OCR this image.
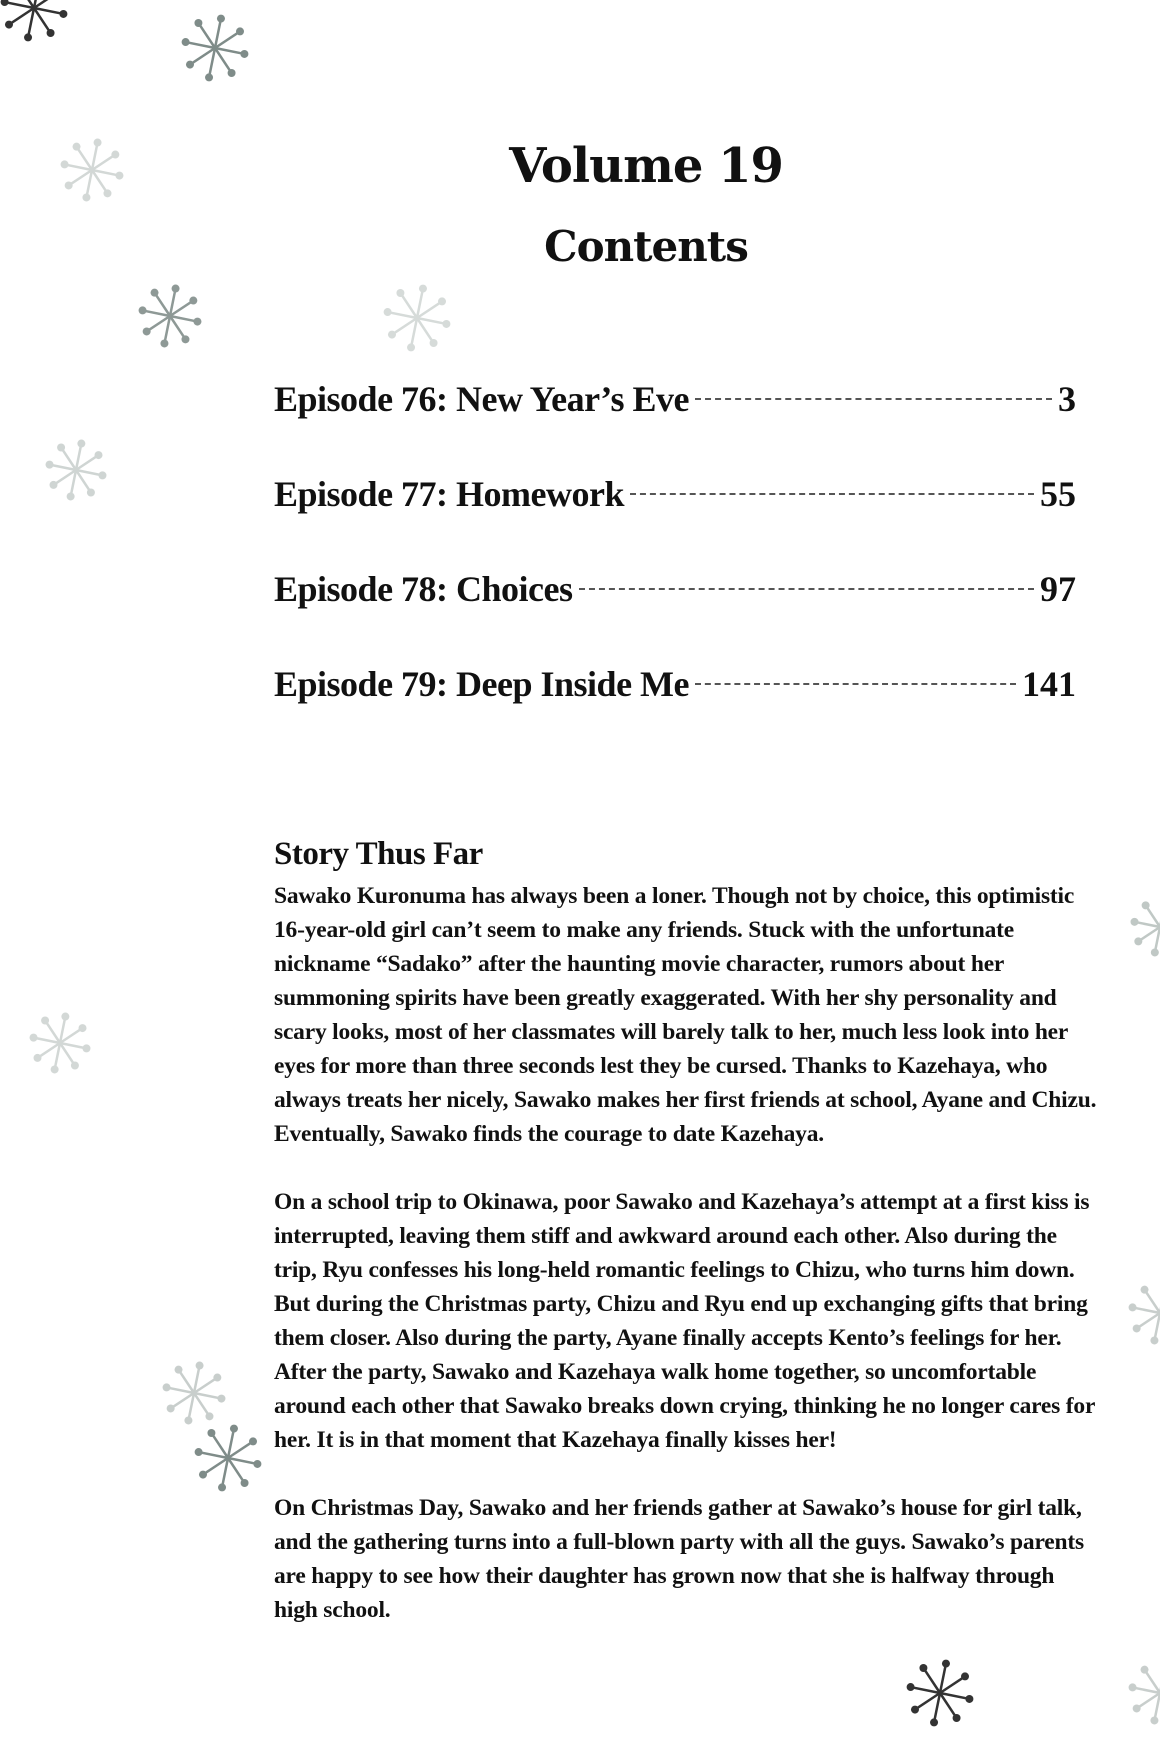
Volume 19
Contents
Episode 76: New Year’s Eve	3
Episode 77: Homework	55
Episode 78: Choices	97
Episode 79: Deep Inside Me	141
Story Thus Far

Sawako Kuronuma has always been a loner. Though not by choice, this optimistic 16-year-old girl can’t seem to make any friends. Stuck with the unfortunate nickname “Sadako” after the haunting movie character, rumors about her summoning spirits have been greatly exaggerated. With her shy personality and scary looks, most of her classmates will barely talk to her, much less look into her eyes for more than three seconds lest they be cursed. Thanks to Kazehaya, who always treats her nicely, Sawako makes her first friends at school, Ayane and Chizu. Eventually, Sawako finds the courage to date Kazehaya.

On a school trip to Okinawa, poor Sawako and Kazehaya’s attempt at a first kiss is interrupted, leaving them stiff and awkward around each other. Also during the trip, Ryu confesses his long-held romantic feelings to Chizu, who turns him down. But during the Christmas party, Chizu and Ryu end up exchanging gifts that bring them closer. Also during the party, Ayane finally accepts Kento’s feelings for her. After the party, Sawako and Kazehaya walk home together, so uncomfortable around each other that Sawako breaks down crying, thinking he no longer cares for her. It is in that moment that Kazehaya finally kisses her!

On Christmas Day, Sawako and her friends gather at Sawako’s house for girl talk, and the gathering turns into a full-blown party with all the guys. Sawako’s parents are happy to see how their daughter has grown now that she is halfway through high school.
